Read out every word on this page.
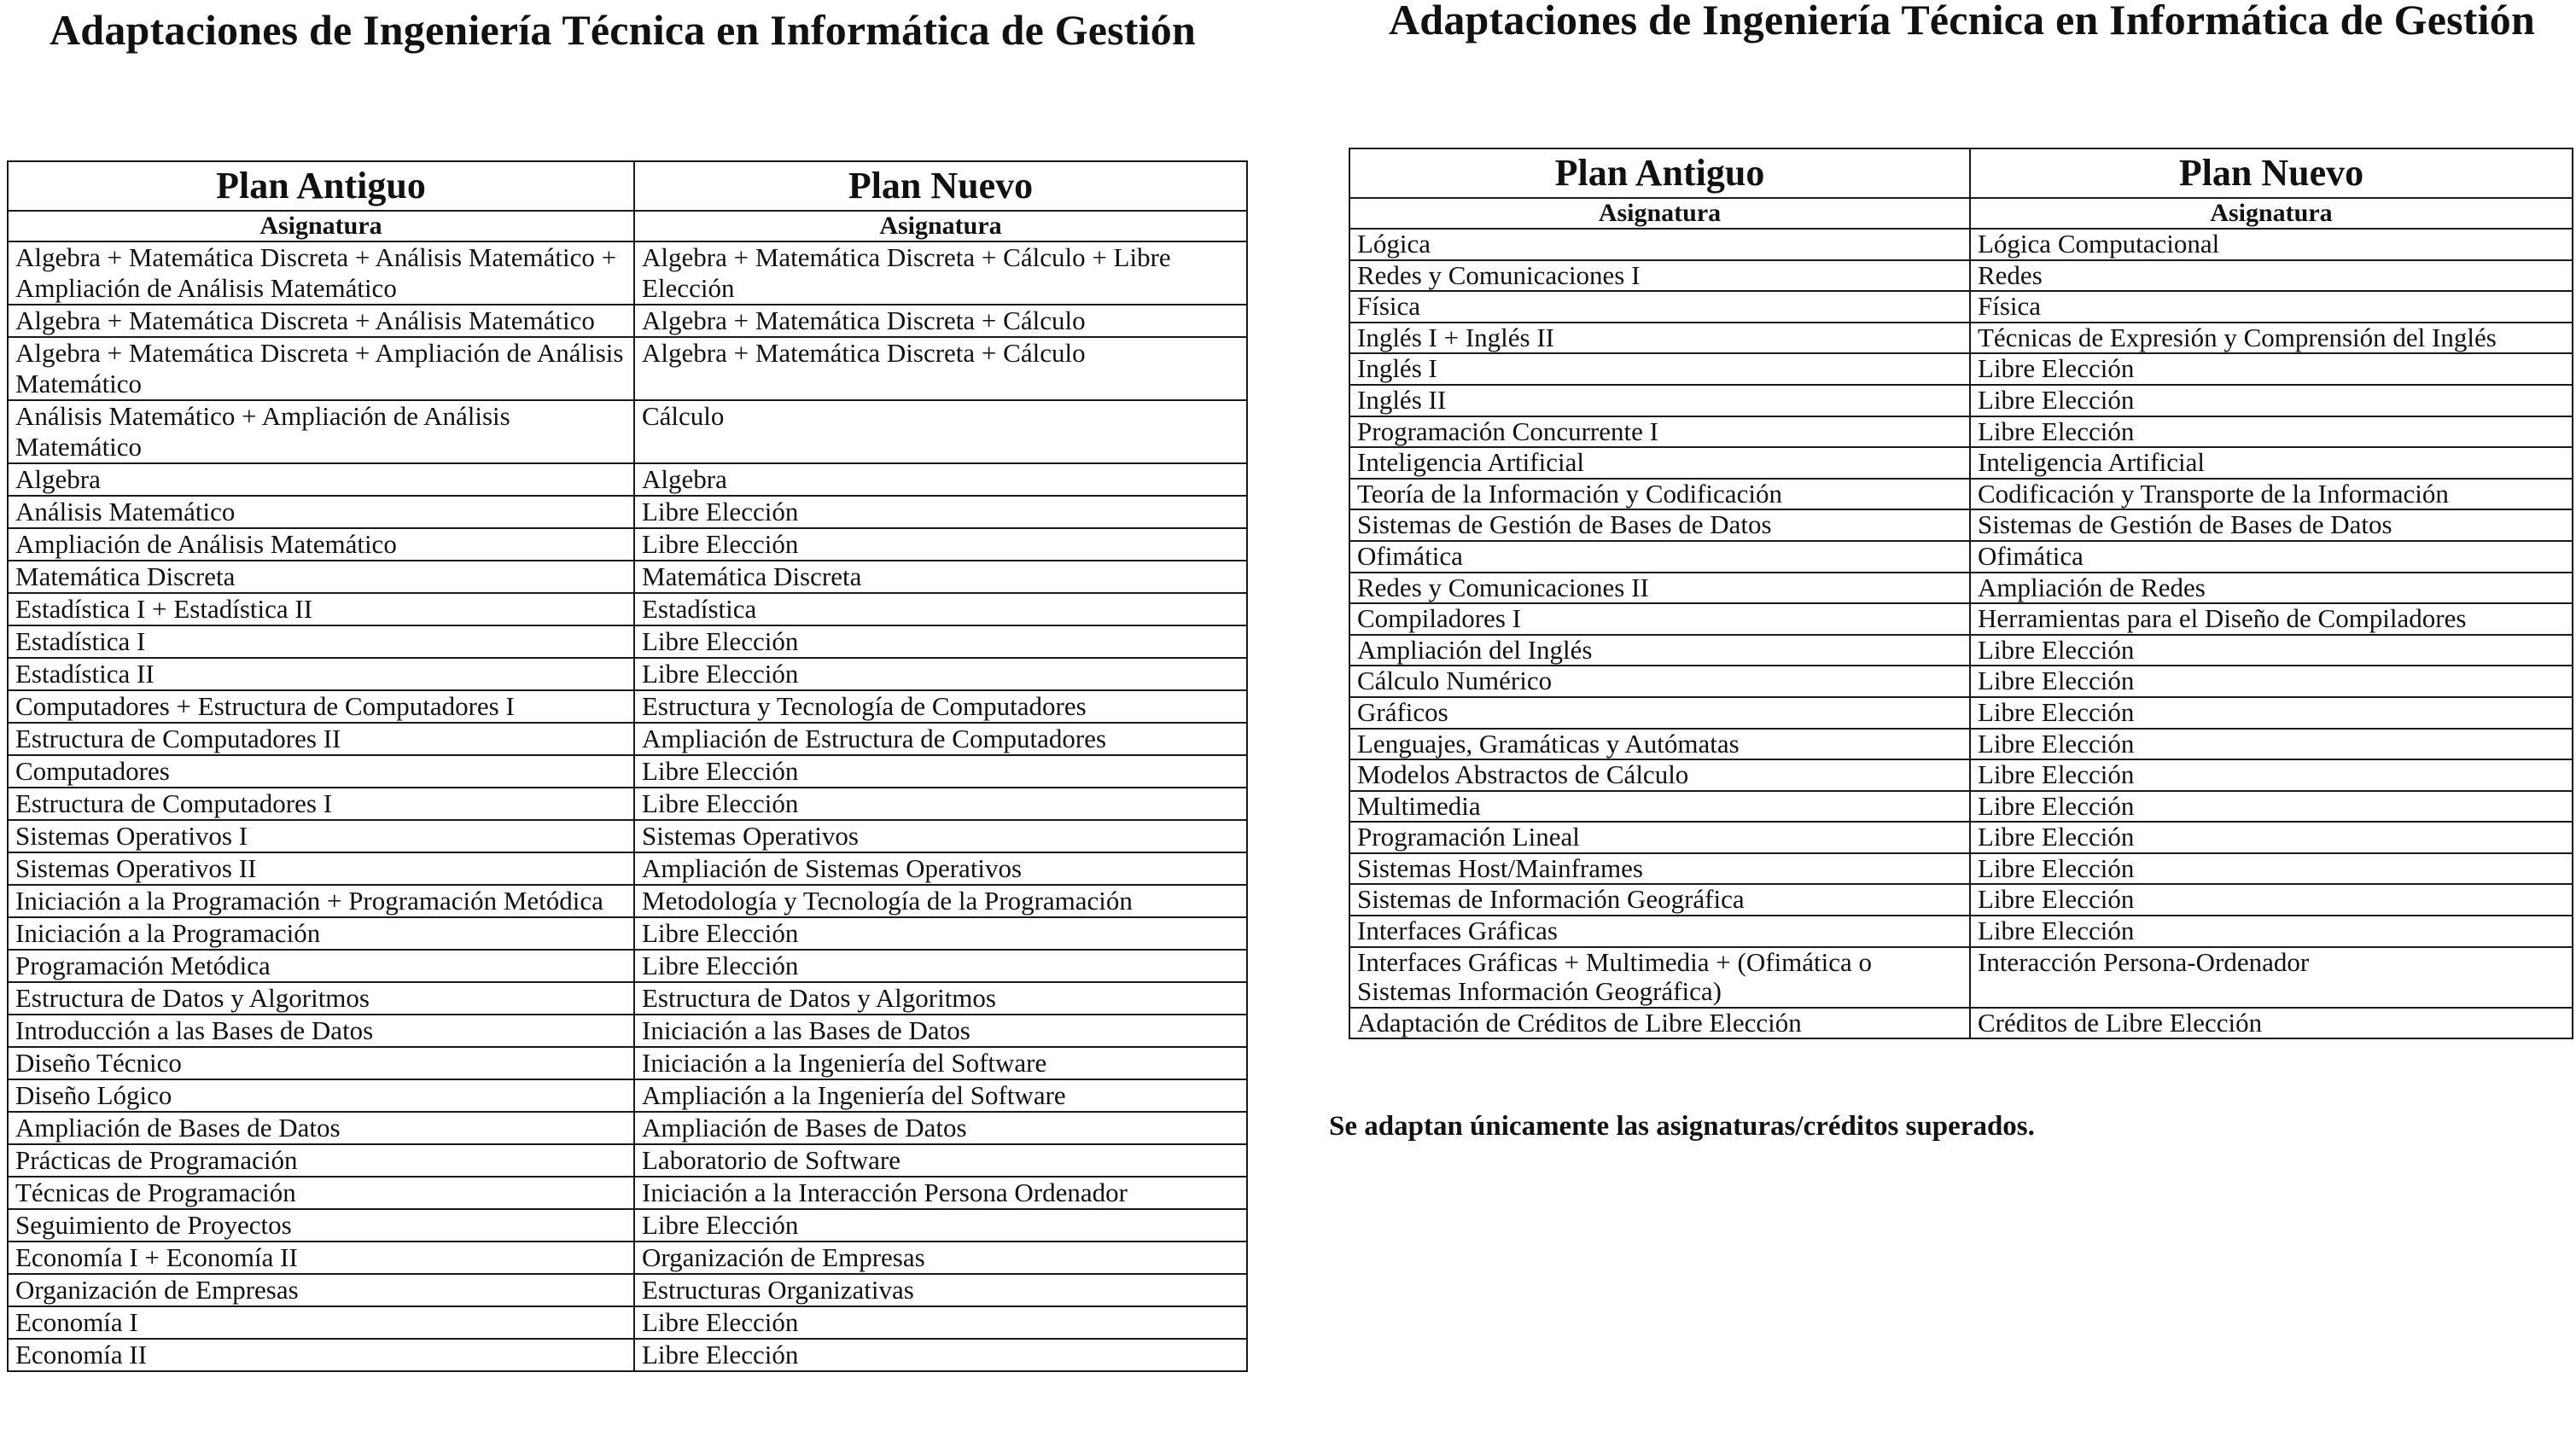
Adaptaciones de Ingeniería Técnica en Informática de Gestión	Adaptaciones de Ingeniería Técnica en Informática de Gestión
Plan Antiguo	Plan Nuevo
Asignatura	Asignatura
Algebra + Matemática Discreta + Análisis Matemático + Ampliación de Análisis Matemático	Algebra + Matemática Discreta + Cálculo + Libre Elección
Algebra + Matemática Discreta + Análisis Matemático	Algebra + Matemática Discreta + Cálculo
Algebra + Matemática Discreta + Ampliación de Análisis Matemático	Algebra + Matemática Discreta + Cálculo
Análisis Matemático + Ampliación de Análisis Matemático	Cálculo
Algebra	Algebra
Análisis Matemático	Libre Elección
Ampliación de Análisis Matemático	Libre Elección
Matemática Discreta	Matemática Discreta
Estadística I + Estadística II	Estadística
Estadística I	Libre Elección
Estadística II	Libre Elección
Computadores + Estructura de Computadores I	Estructura y Tecnología de Computadores
Estructura de Computadores II	Ampliación de Estructura de Computadores
Computadores	Libre Elección
Estructura de Computadores I	Libre Elección
Sistemas Operativos I	Sistemas Operativos
Sistemas Operativos II	Ampliación de Sistemas Operativos
Iniciación a la Programación + Programación Metódica	Metodología y Tecnología de la Programación
Iniciación a la Programación	Libre Elección
Programación Metódica	Libre Elección
Estructura de Datos y Algoritmos	Estructura de Datos y Algoritmos
Introducción a las Bases de Datos	Iniciación a las Bases de Datos
Diseño Técnico	Iniciación a la Ingeniería del Software
Diseño Lógico	Ampliación a la Ingeniería del Software
Ampliación de Bases de Datos	Ampliación de Bases de Datos
Prácticas de Programación	Laboratorio de Software
Técnicas de Programación	Iniciación a la Interacción Persona Ordenador
Seguimiento de Proyectos	Libre Elección
Economía I + Economía II	Organización de Empresas
Organización de Empresas	Estructuras Organizativas
Economía I	Libre Elección
Economía II	Libre Elección
Plan Antiguo	Plan Nuevo
Asignatura	Asignatura
Lógica	Lógica Computacional
Redes y Comunicaciones I	Redes
Física	Física
Inglés I + Inglés II	Técnicas de Expresión y Comprensión del Inglés
Inglés I	Libre Elección
Inglés II	Libre Elección
Programación Concurrente I	Libre Elección
Inteligencia Artificial	Inteligencia Artificial
Teoría de la Información y Codificación	Codificación y Transporte de la Información
Sistemas de Gestión de Bases de Datos	Sistemas de Gestión de Bases de Datos
Ofimática	Ofimática
Redes y Comunicaciones II	Ampliación de Redes
Compiladores I	Herramientas para el Diseño de Compiladores
Ampliación del Inglés	Libre Elección
Cálculo Numérico	Libre Elección
Gráficos	Libre Elección
Lenguajes, Gramáticas y Autómatas	Libre Elección
Modelos Abstractos de Cálculo	Libre Elección
Multimedia	Libre Elección
Programación Lineal	Libre Elección
Sistemas Host/Mainframes	Libre Elección
Sistemas de Información Geográfica	Libre Elección
Interfaces Gráficas	Libre Elección
Interfaces Gráficas + Multimedia + (Ofimática o Sistemas Información Geográfica)	Interacción Persona-Ordenador
Adaptación de Créditos de Libre Elección	Créditos de Libre Elección

Se adaptan únicamente las asignaturas/créditos superados.
